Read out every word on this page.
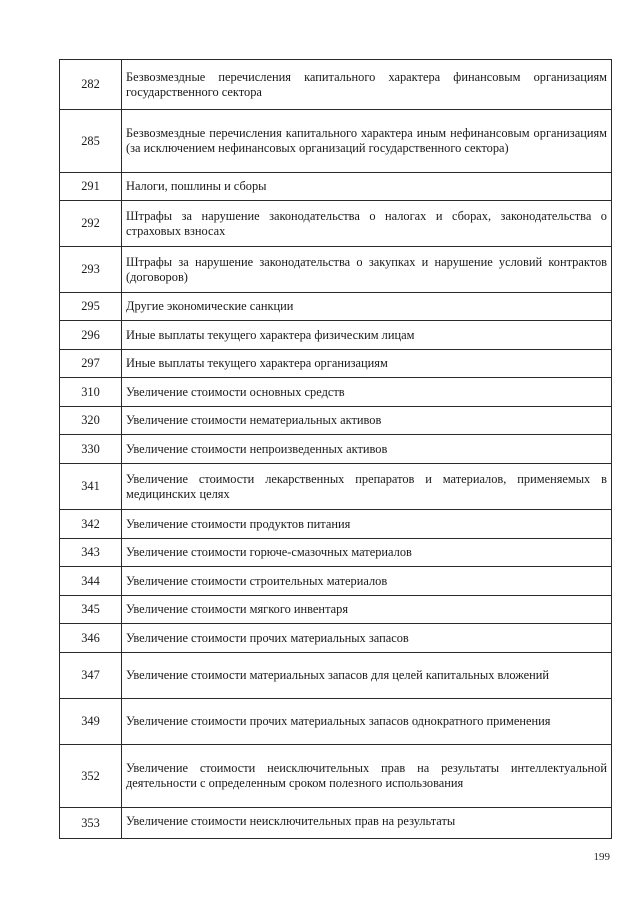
282	Безвозмездные перечисления капитального характера финансовым организациям государственного сектора
285	Безвозмездные перечисления капитального характера иным нефинансовым организациям (за исключением нефинансовых организаций государственного сектора)
291	Налоги, пошлины и сборы
292	Штрафы за нарушение законодательства о налогах и сборах, законодательства о страховых взносах
293	Штрафы за нарушение законодательства о закупках и нарушение условий контрактов (договоров)
295	Другие экономические санкции
296	Иные выплаты текущего характера физическим лицам
297	Иные выплаты текущего характера организациям
310	Увеличение стоимости основных средств
320	Увеличение стоимости нематериальных активов
330	Увеличение стоимости непроизведенных активов
341	Увеличение стоимости лекарственных препаратов и материалов, применяемых в медицинских целях
342	Увеличение стоимости продуктов питания
343	Увеличение стоимости горюче-смазочных материалов
344	Увеличение стоимости строительных материалов
345	Увеличение стоимости мягкого инвентаря
346	Увеличение стоимости прочих материальных запасов
347	Увеличение стоимости материальных запасов для целей капитальных вложений
349	Увеличение стоимости прочих материальных запасов однократного применения
352	Увеличение стоимости неисключительных прав на результаты интеллектуальной деятельности с определенным сроком полезного использования
353	Увеличение стоимости неисключительных прав на результаты
199
